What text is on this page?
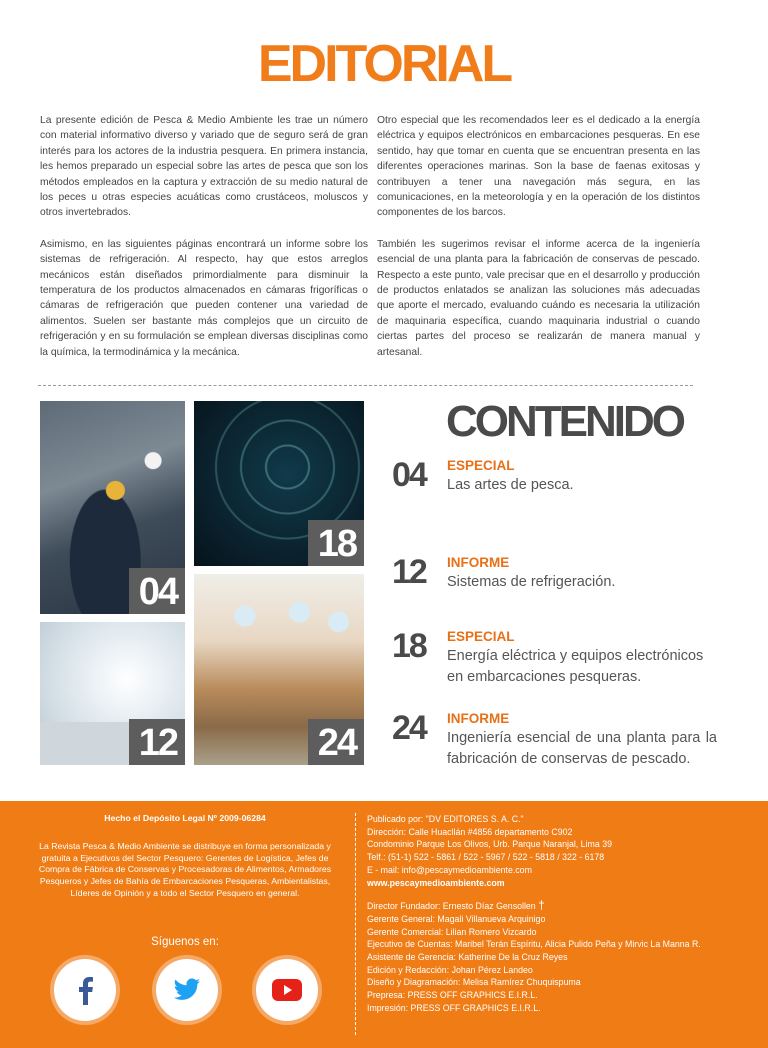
EDITORIAL

La presente edición de Pesca & Medio Ambiente les trae un número con material informativo diverso y variado que de seguro será de gran interés para los actores de la industria pesquera. En primera instancia, les hemos preparado un especial sobre las artes de pesca que son los métodos empleados en la captura y extracción de su medio natural de los peces u otras especies acuáticas como crustáceos, moluscos y otros invertebrados.

Asimismo, en las siguientes páginas encontrará un informe sobre los sistemas de refrigeración. Al respecto, hay que estos arreglos mecánicos están diseñados primordialmente para disminuir la temperatura de los productos almacenados en cámaras frigoríficas o cámaras de refrigeración que pueden contener una variedad de alimentos. Suelen ser bastante más complejos que un circuito de refrigeración y en su formulación se emplean diversas disciplinas como la química, la termodinámica y la mecánica.

Otro especial que les recomendados leer es el dedicado a la energía eléctrica y equipos electrónicos en embarcaciones pesqueras. En ese sentido, hay que tomar en cuenta que se encuentran presenta en las diferentes operaciones marinas. Son la base de faenas exitosas y contribuyen a tener una navegación más segura, en las comunicaciones, en la meteorología y en la operación de los distintos componentes de los barcos.

También les sugerimos revisar el informe acerca de la ingeniería esencial de una planta para la fabricación de conservas de pescado. Respecto a este punto, vale precisar que en el desarrollo y producción de productos enlatados se analizan las soluciones más adecuadas que aporte el mercado, evaluando cuándo es necesaria la utilización de maquinaria específica, cuando maquinaria industrial o cuando ciertas partes del proceso se realizarán de manera manual y artesanal.

04
18
12	24
CONTENIDO
04 ESPECIAL
Las artes de pesca.
12 INFORME
Sistemas de refrigeración.
18 ESPECIAL
Energía eléctrica y equipos electrónicos en embarcaciones pesqueras.
24 INFORME
Ingeniería esencial de una planta para la fabricación de conservas de pescado.
Hecho el Depósito Legal Nº 2009-06284
La Revista Pesca & Medio Ambiente se distribuye en forma personalizada y gratuita a Ejecutivos del Sector Pesquero: Gerentes de Logística, Jefes de Compra de Fábrica de Conservas y Procesadoras de Alimentos, Armadores Pesqueros y Jefes de Bahía de Embarcaciones Pesqueras, Ambientalistas, Líderes de Opinión y a todo el Sector Pesquero en general.
Síguenos en:
Publicado por: "DV EDITORES S. A. C."
Dirección: Calle Huacllán #4856 departamento C902
Condominio Parque Los Olivos, Urb. Parque Naranjal, Lima 39
Telf.: (51-1) 522 - 5861 / 522 - 5967 / 522 - 5818 / 322 - 6178
E - mail: info@pescaymedioambiente.com
www.pescaymedioambiente.com
Director Fundador: Ernesto Díaz Gensollen †
Gerente General: Magali Villanueva Arquinigo
Gerente Comercial: Lilian Romero Vizcardo
Ejecutivo de Cuentas: Maribel Terán Espíritu, Alicia Pulido Peña y Mirvic La Manna R.
Asistente de Gerencia: Katherine De la Cruz Reyes
Edición y Redacción: Johan Pérez Landeo
Diseño y Diagramación: Melisa Ramírez Chuquispuma
Prepresa: PRESS OFF GRAPHICS E.I.R.L.
Impresión: PRESS OFF GRAPHICS E.I.R.L.
